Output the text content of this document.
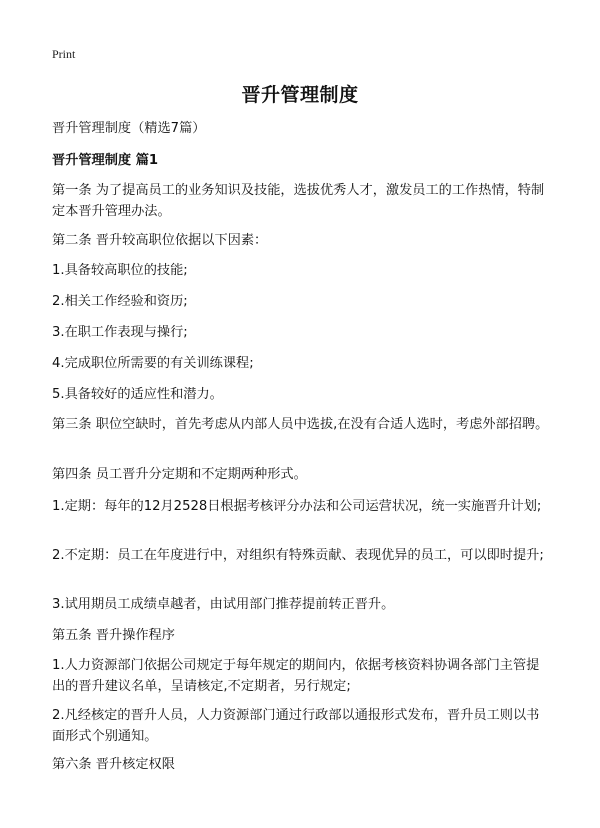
Print
晋升管理制度
晋升管理制度（精选7篇）
晋升管理制度 篇1
第一条 为了提高员工的业务知识及技能，选拔优秀人才，激发员工的工作热情，特制定本晋升管理办法。
第二条 晋升较高职位依据以下因素：
1.具备较高职位的技能;
2.相关工作经验和资历;
3.在职工作表现与操行;
4.完成职位所需要的有关训练课程;
5.具备较好的适应性和潜力。
第三条 职位空缺时，首先考虑从内部人员中选拔,在没有合适人选时，考虑外部招聘。
第四条 员工晋升分定期和不定期两种形式。
1.定期：每年的12月2528日根据考核评分办法和公司运营状况，统一实施晋升计划;
2.不定期：员工在年度进行中，对组织有特殊贡献、表现优异的员工，可以即时提升;
3.试用期员工成绩卓越者，由试用部门推荐提前转正晋升。
第五条 晋升操作程序
1.人力资源部门依据公司规定于每年规定的期间内，依据考核资料协调各部门主管提出的晋升建议名单，呈请核定,不定期者，另行规定;
2.凡经核定的晋升人员，人力资源部门通过行政部以通报形式发布，晋升员工则以书面形式个别通知。
第六条 晋升核定权限
